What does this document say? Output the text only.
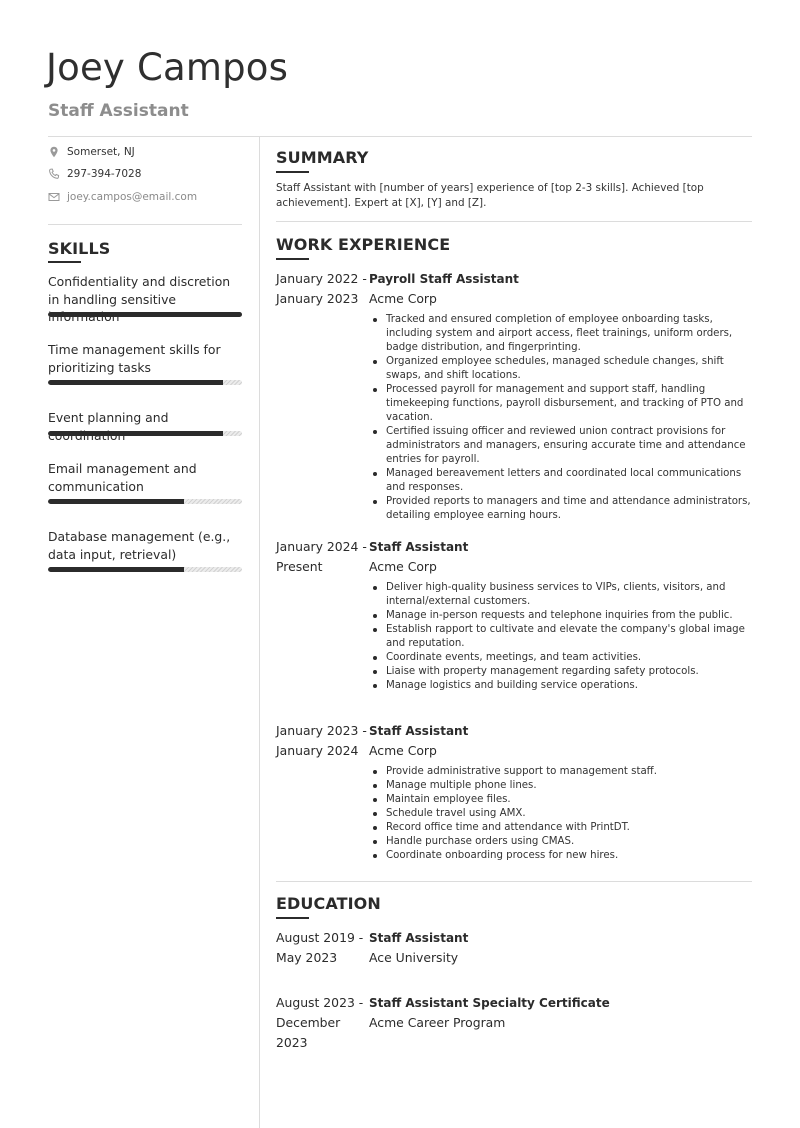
Joey Campos
Staff Assistant
Somerset, NJ
297-394-7028
joey.campos@email.com
SKILLS
Confidentiality and discretion in handling sensitive
Time management skills for prioritizing tasks
Event planning and
Email management and communication
Database management (e.g., data input, retrieval)
SUMMARY
Staff Assistant with [number of years] experience of [top 2-3 skills]. Achieved [top achievement]. Expert at [X], [Y] and [Z].
WORK EXPERIENCE
January 2022 -
January 2023
Payroll Staff Assistant
Acme Corp
Tracked and ensured completion of employee onboarding tasks, including system and airport access, fleet trainings, uniform orders, badge distribution, and fingerprinting.
Organized employee schedules, managed schedule changes, shift swaps, and shift locations.
Processed payroll for management and support staff, handling timekeeping functions, payroll disbursement, and tracking of PTO and vacation.
Certified issuing officer and reviewed union contract provisions for administrators and managers, ensuring accurate time and attendance entries for payroll.
Managed bereavement letters and coordinated local communications and responses.
Provided reports to managers and time and attendance administrators, detailing employee earning hours.
January 2024 -
Present
Staff Assistant
Acme Corp
Deliver high-quality business services to VIPs, clients, visitors, and internal/external customers.
Manage in-person requests and telephone inquiries from the public.
Establish rapport to cultivate and elevate the company's global image and reputation.
Coordinate events, meetings, and team activities.
Liaise with property management regarding safety protocols.
Manage logistics and building service operations.
January 2023 -
January 2024
Staff Assistant
Acme Corp
Provide administrative support to management staff.
Manage multiple phone lines.
Maintain employee files.
Schedule travel using AMX.
Record office time and attendance with PrintDT.
Handle purchase orders using CMAS.
Coordinate onboarding process for new hires.
EDUCATION
August 2019 -
May 2023
Staff Assistant
Ace University
August 2023 -
December 2023
Staff Assistant Specialty Certificate
Acme Career Program
